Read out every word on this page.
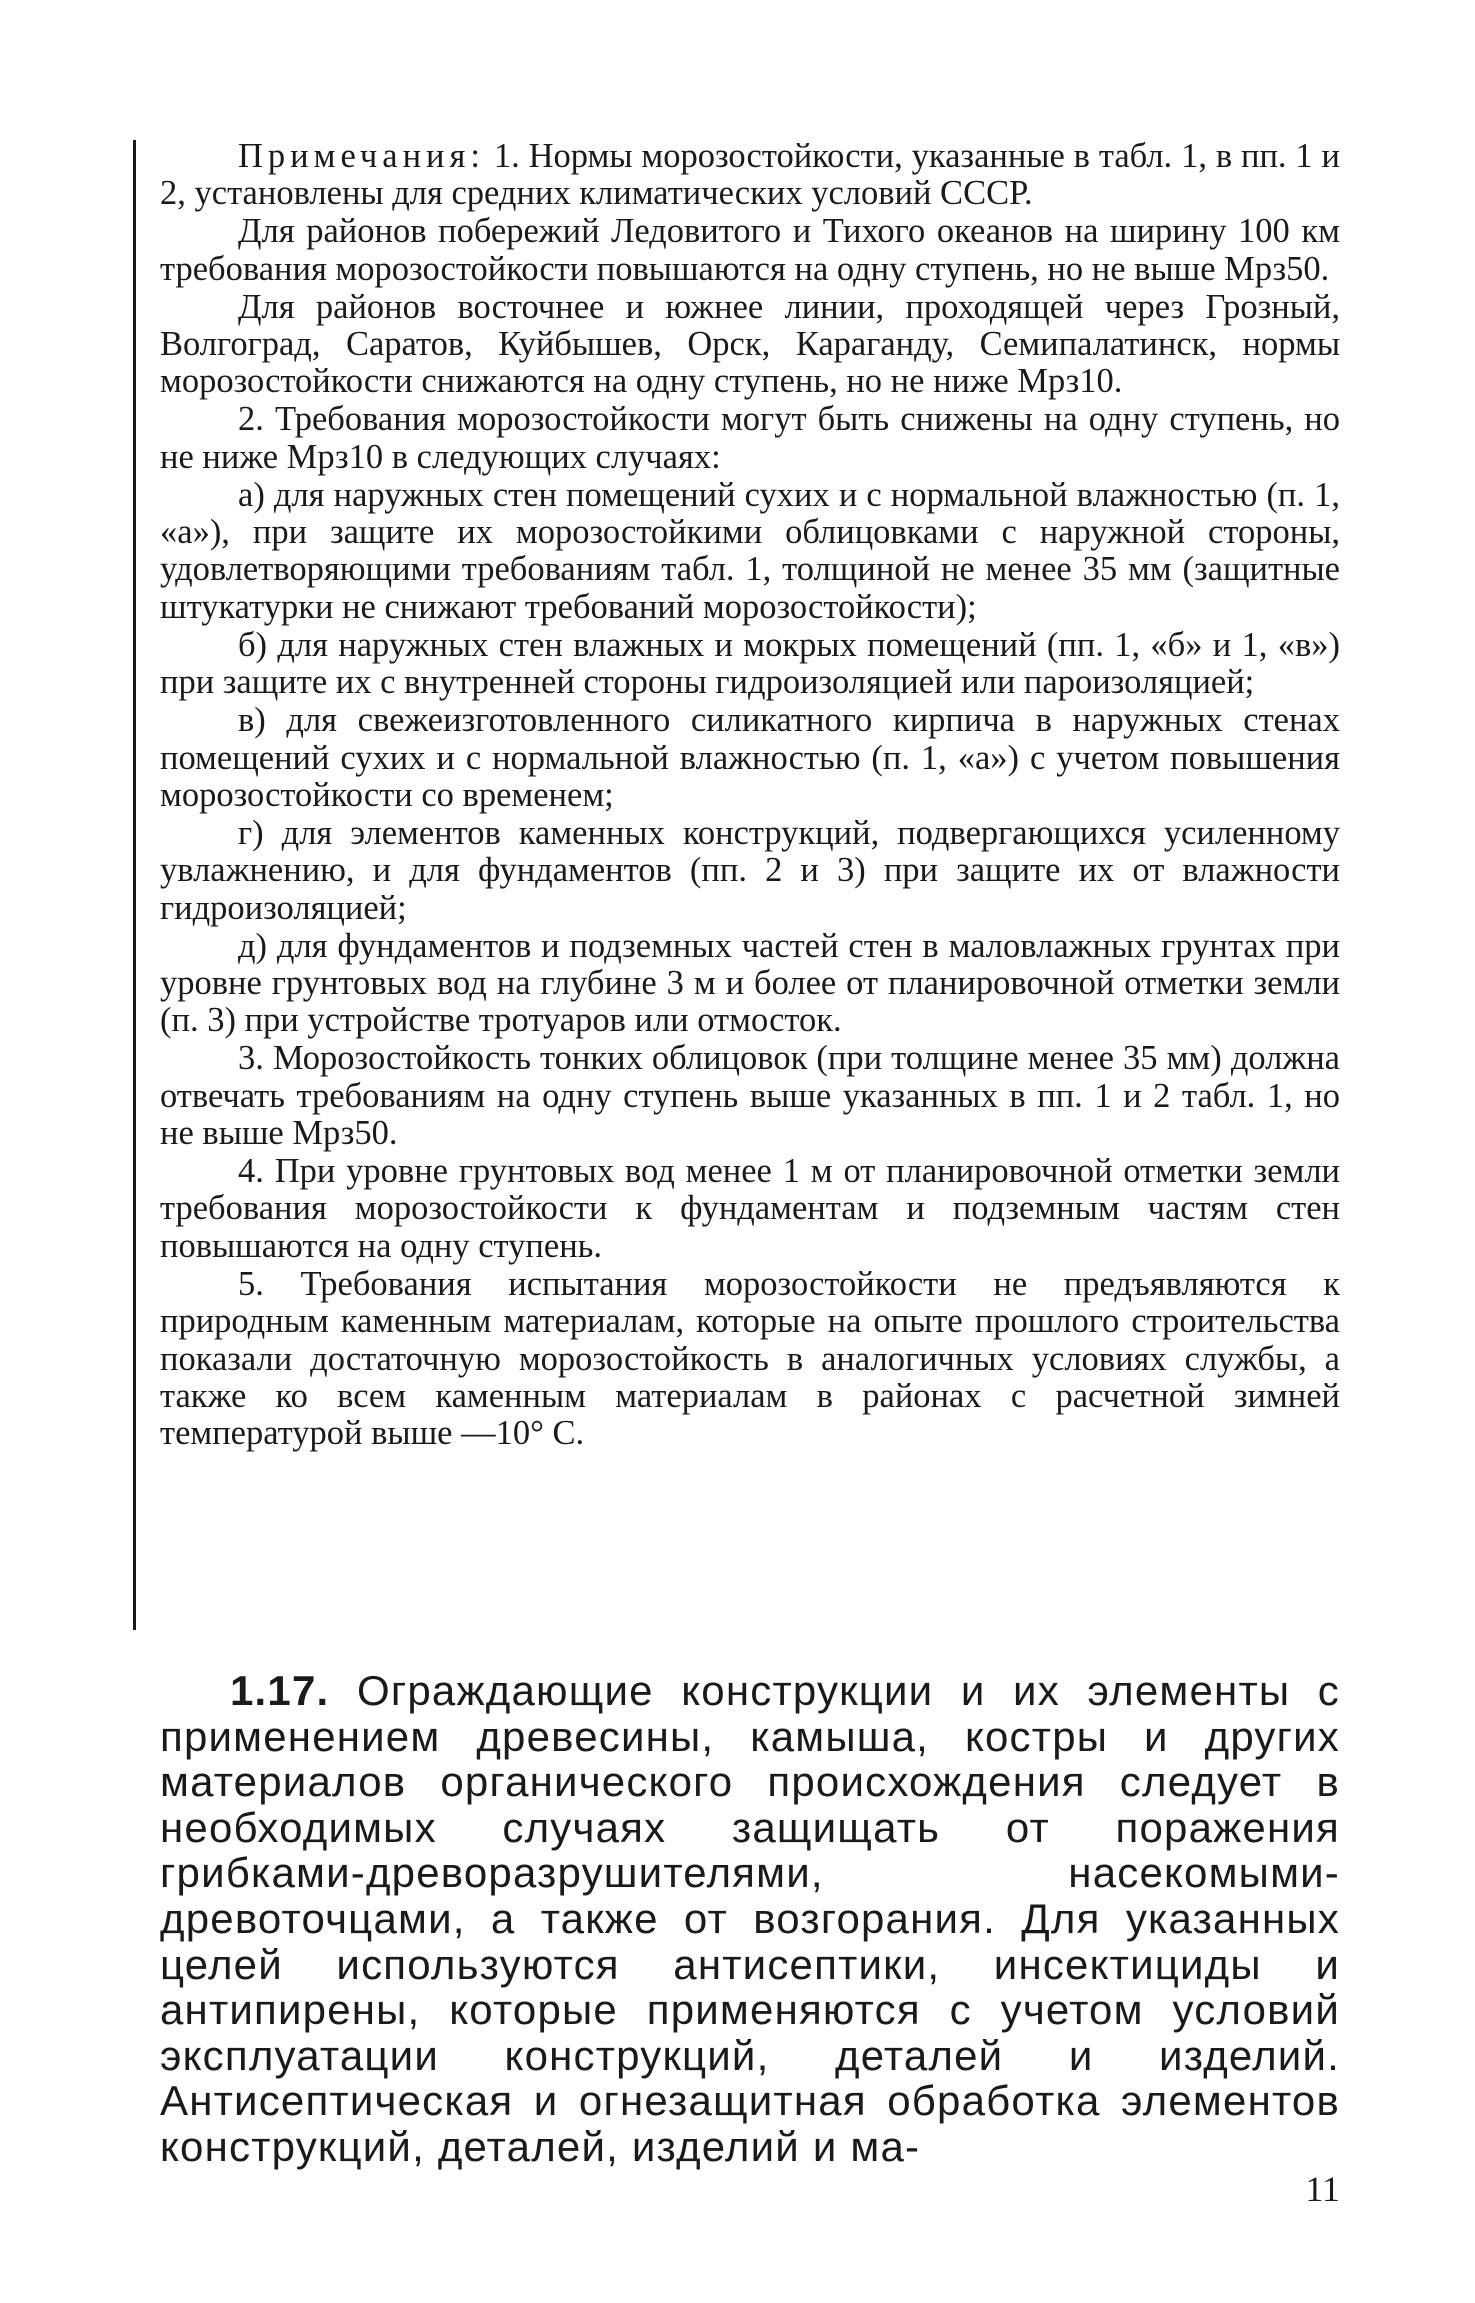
Примечания: 1. Нормы морозостойкости, указанные в табл. 1, в пп. 1 и 2, установлены для средних климатических условий СССР.

Для районов побережий Ледовитого и Тихого океанов на ширину 100 км требования морозостойкости повышаются на одну ступень, но не выше Мрз50.

Для районов восточнее и южнее линии, проходящей через Грозный, Волгоград, Саратов, Куйбышев, Орск, Караганду, Семипалатинск, нормы морозостойкости снижаются на одну ступень, но не ниже Мрз10.

2. Требования морозостойкости могут быть снижены на одну ступень, но не ниже Мрз10 в следующих случаях:

а) для наружных стен помещений сухих и с нормальной влажностью (п. 1, «а»), при защите их морозостойкими облицовками с наружной стороны, удовлетворяющими требованиям табл. 1, толщиной не менее 35 мм (защитные штукатурки не снижают требований морозостойкости);

б) для наружных стен влажных и мокрых помещений (пп. 1, «б» и 1, «в») при защите их с внутренней стороны гидроизоляцией или пароизоляцией;

в) для свежеизготовленного силикатного кирпича в наружных стенах помещений сухих и с нормальной влажностью (п. 1, «а») с учетом повышения морозостойкости со временем;

г) для элементов каменных конструкций, подвергающихся усиленному увлажнению, и для фундаментов (пп. 2 и 3) при защите их от влажности гидроизоляцией;

д) для фундаментов и подземных частей стен в маловлажных грунтах при уровне грунтовых вод на глубине 3 м и более от планировочной отметки земли (п. 3) при устройстве тротуаров или отмосток.

3. Морозостойкость тонких облицовок (при толщине менее 35 мм) должна отвечать требованиям на одну ступень выше указанных в пп. 1 и 2 табл. 1, но не выше Мрз50.

4. При уровне грунтовых вод менее 1 м от планировочной отметки земли требования морозостойкости к фундаментам и подземным частям стен повышаются на одну ступень.

5. Требования испытания морозостойкости не предъявляются к природным каменным материалам, которые на опыте прошлого строительства показали достаточную морозостойкость в аналогичных условиях службы, а также ко всем каменным материалам в районах с расчетной зимней температурой выше —10° С.

1.17. Ограждающие конструкции и их элементы с применением древесины, камыша, костры и других материалов органического происхождения следует в необходимых случаях защищать от поражения грибками-древоразрушителями, насекомыми-древоточцами, а также от возгорания. Для указанных целей используются антисептики, инсектициды и антипирены, которые применяются с учетом условий эксплуатации конструкций, деталей и изделий. Антисептическая и огнезащитная обработка элементов конструкций, деталей, изделий и ма-

11
